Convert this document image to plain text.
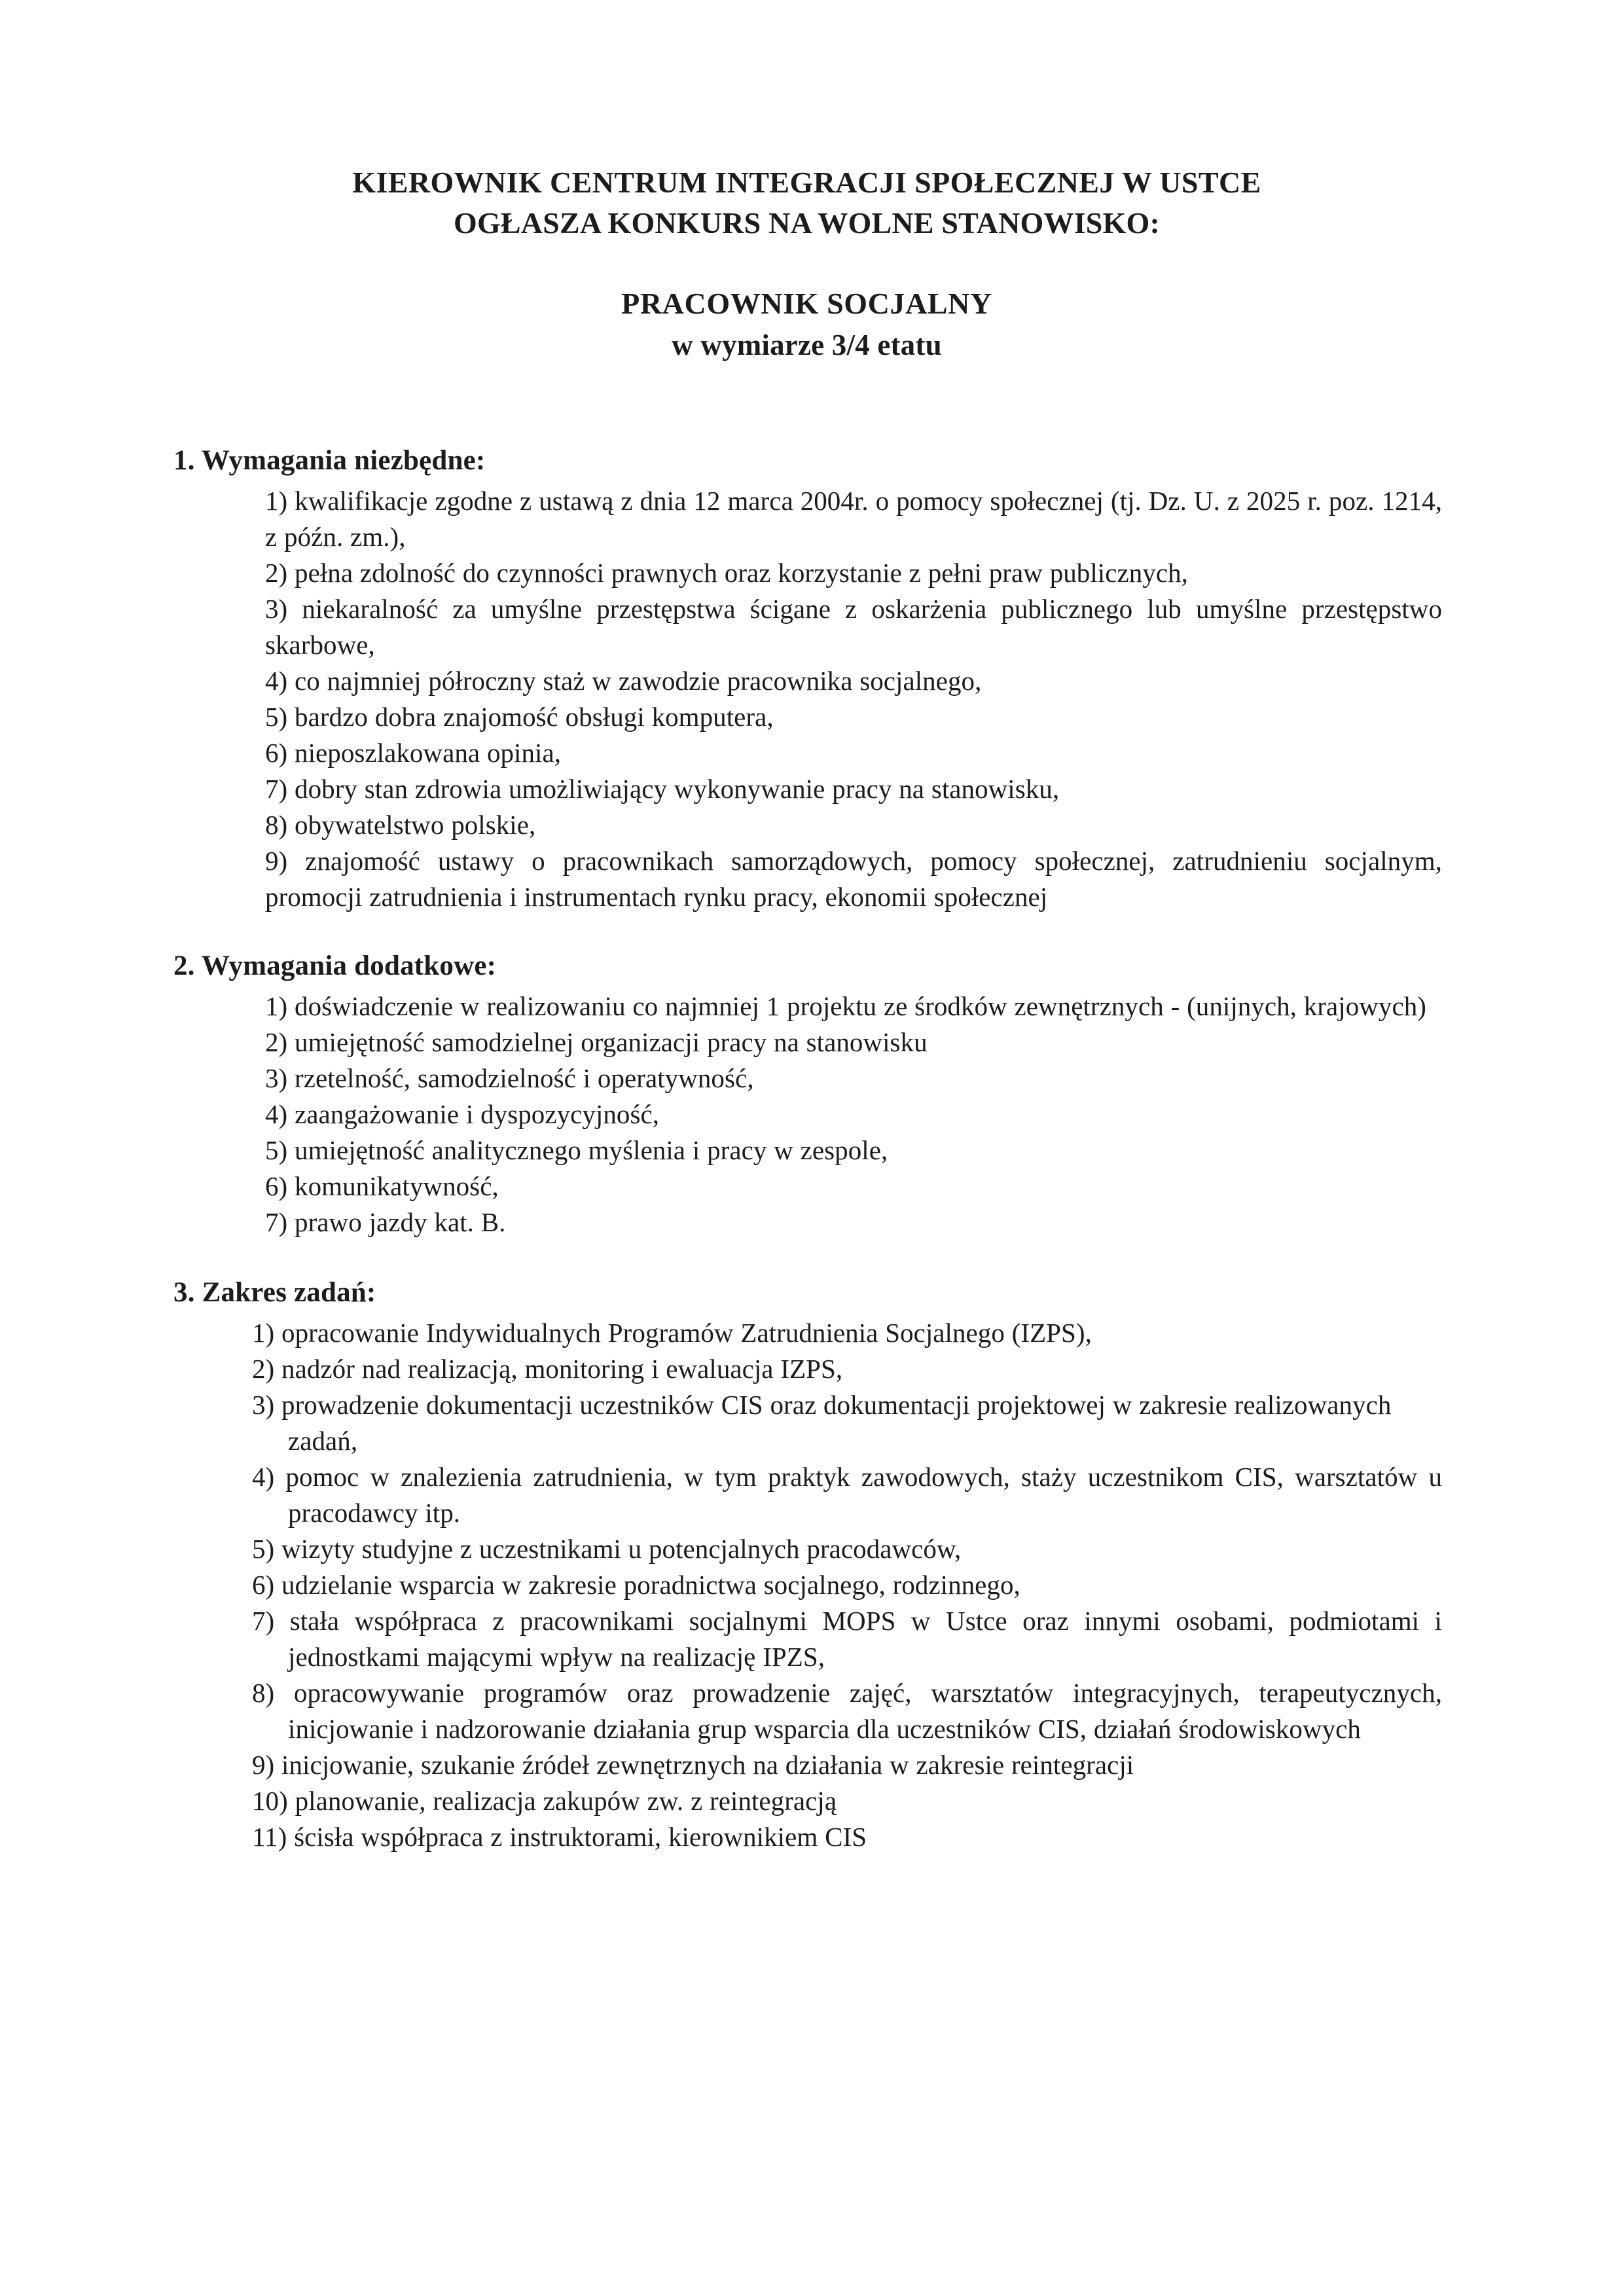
KIEROWNIK CENTRUM INTEGRACJI SPOŁECZNEJ W USTCE
OGŁASZA KONKURS NA WOLNE STANOWISKO:
PRACOWNIK SOCJALNY
w wymiarze 3/4 etatu
1. Wymagania niezbędne:
1) kwalifikacje zgodne z ustawą z dnia 12 marca 2004r. o pomocy społecznej (tj. Dz. U. z 2025 r. poz. 1214, z późn. zm.),
2) pełna zdolność do czynności prawnych oraz korzystanie z pełni praw publicznych,
3) niekaralność za umyślne przestępstwa ścigane z oskarżenia publicznego lub umyślne przestępstwo skarbowe,
4) co najmniej półroczny staż w zawodzie pracownika socjalnego,
5) bardzo dobra znajomość obsługi komputera,
6) nieposzlakowana opinia,
7) dobry stan zdrowia umożliwiający wykonywanie pracy na stanowisku,
8) obywatelstwo polskie,
9) znajomość ustawy o pracownikach samorządowych, pomocy społecznej, zatrudnieniu socjalnym, promocji zatrudnienia i instrumentach rynku pracy, ekonomii społecznej
2. Wymagania dodatkowe:
1) doświadczenie w realizowaniu co najmniej 1 projektu ze środków zewnętrznych - (unijnych, krajowych)
2) umiejętność samodzielnej organizacji pracy na stanowisku
3) rzetelność, samodzielność i operatywność,
4) zaangażowanie i dyspozycyjność,
5) umiejętność analitycznego myślenia i pracy w zespole,
6) komunikatywność,
7) prawo jazdy kat. B.
3. Zakres zadań:
1) opracowanie Indywidualnych Programów Zatrudnienia Socjalnego (IZPS),
2) nadzór nad realizacją, monitoring i ewaluacja IZPS,
3) prowadzenie dokumentacji uczestników CIS oraz dokumentacji projektowej w zakresie realizowanych zadań,
4) pomoc w znalezienia zatrudnienia, w tym praktyk zawodowych, staży uczestnikom CIS, warsztatów u pracodawcy itp.
5) wizyty studyjne z uczestnikami u potencjalnych pracodawców,
6) udzielanie wsparcia w zakresie poradnictwa socjalnego, rodzinnego,
7) stała współpraca z pracownikami socjalnymi MOPS w Ustce oraz innymi osobami, podmiotami i jednostkami mającymi wpływ na realizację IPZS,
8) opracowywanie programów oraz prowadzenie zajęć, warsztatów integracyjnych, terapeutycznych, inicjowanie i nadzorowanie działania grup wsparcia dla uczestników CIS, działań środowiskowych
9) inicjowanie, szukanie źródeł zewnętrznych na działania w zakresie reintegracji
10) planowanie, realizacja zakupów zw. z reintegracją
11) ścisła współpraca z instruktorami, kierownikiem CIS
